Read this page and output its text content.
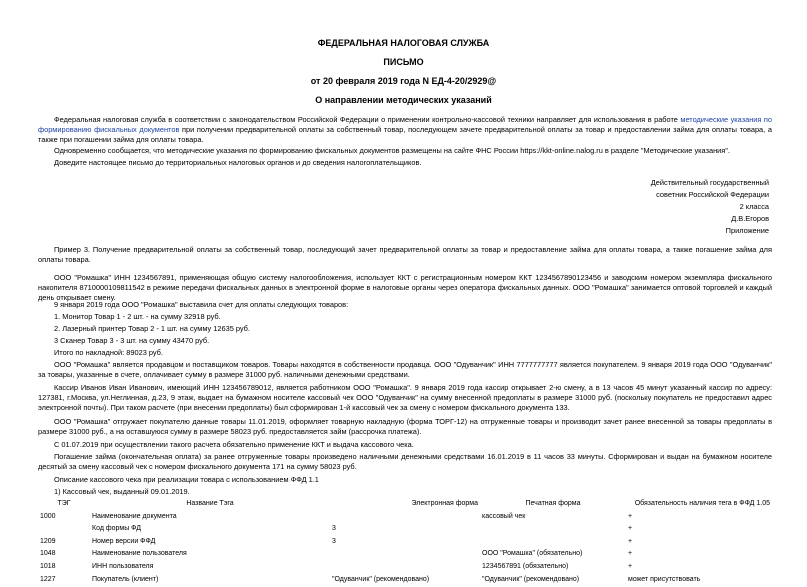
ФЕДЕРАЛЬНАЯ НАЛОГОВАЯ СЛУЖБА
ПИСЬМО
от 20 февраля 2019 года N ЕД-4-20/2929@
О направлении методических указаний
Федеральная налоговая служба в соответствии с законодательством Российской Федерации о применении контрольно-кассовой техники направляет для использования в работе методические указания по формированию фискальных документов при получении предварительной оплаты за собственный товар, последующем зачете предварительной оплаты за товар и предоставлении займа для оплаты товара, а также при погашении займа для оплаты товара.
Одновременно сообщается, что методические указания по формированию фискальных документов размещены на сайте ФНС России https://kkt-online.nalog.ru в разделе "Методические указания".
Доведите настоящее письмо до территориальных налоговых органов и до сведения налогоплательщиков.
Действительный государственный
советник Российской Федерации
2 класса
Д.В.Егоров
Приложение
Пример 3. Получение предварительной оплаты за собственный товар, последующий зачет предварительной оплаты за товар и предоставление займа для оплаты товара, а также погашение займа для оплаты товара.
ООО "Ромашка" ИНН 1234567891, применяющая общую систему налогообложения, использует ККТ с регистрационным номером ККТ 1234567890123456 и заводским номером экземпляра фискального накопителя 8710000109811542 в режиме передачи фискальных данных в электронной форме в налоговые органы через оператора фискальных данных. ООО "Ромашка" занимается оптовой торговлей и каждый день открывает смену.
9 января 2019 года ООО "Ромашка" выставила счет для оплаты следующих товаров:
1. Монитор Товар 1 - 2 шт. - на сумму 32918 руб.
2. Лазерный принтер Товар 2 - 1 шт. на сумму 12635 руб.
3 Сканер Товар 3 - 3 шт. на сумму 43470 руб.
Итого по накладной: 89023 руб.
ООО "Ромашка" является продавцом и поставщиком товаров. Товары находятся в собственности продавца. ООО "Одуванчик" ИНН 7777777777 является покупателем. 9 января 2019 года ООО "Одуванчик" за товары, указанные в счете, оплачивает сумму в размере 31000 руб. наличными денежными средствами.
Кассир Иванов Иван Иванович, имеющий ИНН 123456789012, является работником ООО "Ромашка". 9 января 2019 года кассир открывает 2-ю смену, а в 13 часов 45 минут указанный кассир по адресу: 127381, г.Москва, ул.Неглинная, д.23, 9 этаж, выдает на бумажном носителе кассовый чек ООО "Одуванчик" на сумму внесенной предоплаты в размере 31000 руб. (поскольку покупатель не предоставил адрес электронной почты). При таком расчете (при внесении предоплаты) был сформирован 1-й кассовый чек за смену с номером фискального документа 133.
ООО "Ромашка" отгружает покупателю данные товары 11.01.2019, оформляет товарную накладную (форма ТОРГ-12) на отгруженные товары и производит зачет ранее внесенной за товары предоплаты в размере 31000 руб., а на оставшуюся сумму в размере 58023 руб. предоставляется займ (рассрочка платежа).
С 01.07.2019 при осуществлении такого расчета обязательно применение ККТ и выдача кассового чека.
Погашение займа (окончательная оплата) за ранее отгруженные товары произведено наличными денежными средствами 16.01.2019 в 11 часов 33 минуты. Сформирован и выдан на бумажном носителе десятый за смену кассовый чек с номером фискального документа 171 на сумму 58023 руб.
Описание кассового чека при реализации товара с использованием ФФД 1.1
1) Кассовый чек, выданный 09.01.2019.
ТЭГ	Название Тэга	Электронная форма	Печатная форма	Обязательность наличия тега в ФФД 1.05
1000	Наименование документа		кассовый чек	+
	Код формы ФД	3		+
1209	Номер версии ФФД	3		+
1048	Наименование пользователя		ООО "Ромашка" (обязательно)	+
1018	ИНН пользователя		1234567891 (обязательно)	+
1227	Покупатель (клиент)	"Одуванчик" (рекомендовано)	"Одуванчик" (рекомендовано)	может присутствовать
